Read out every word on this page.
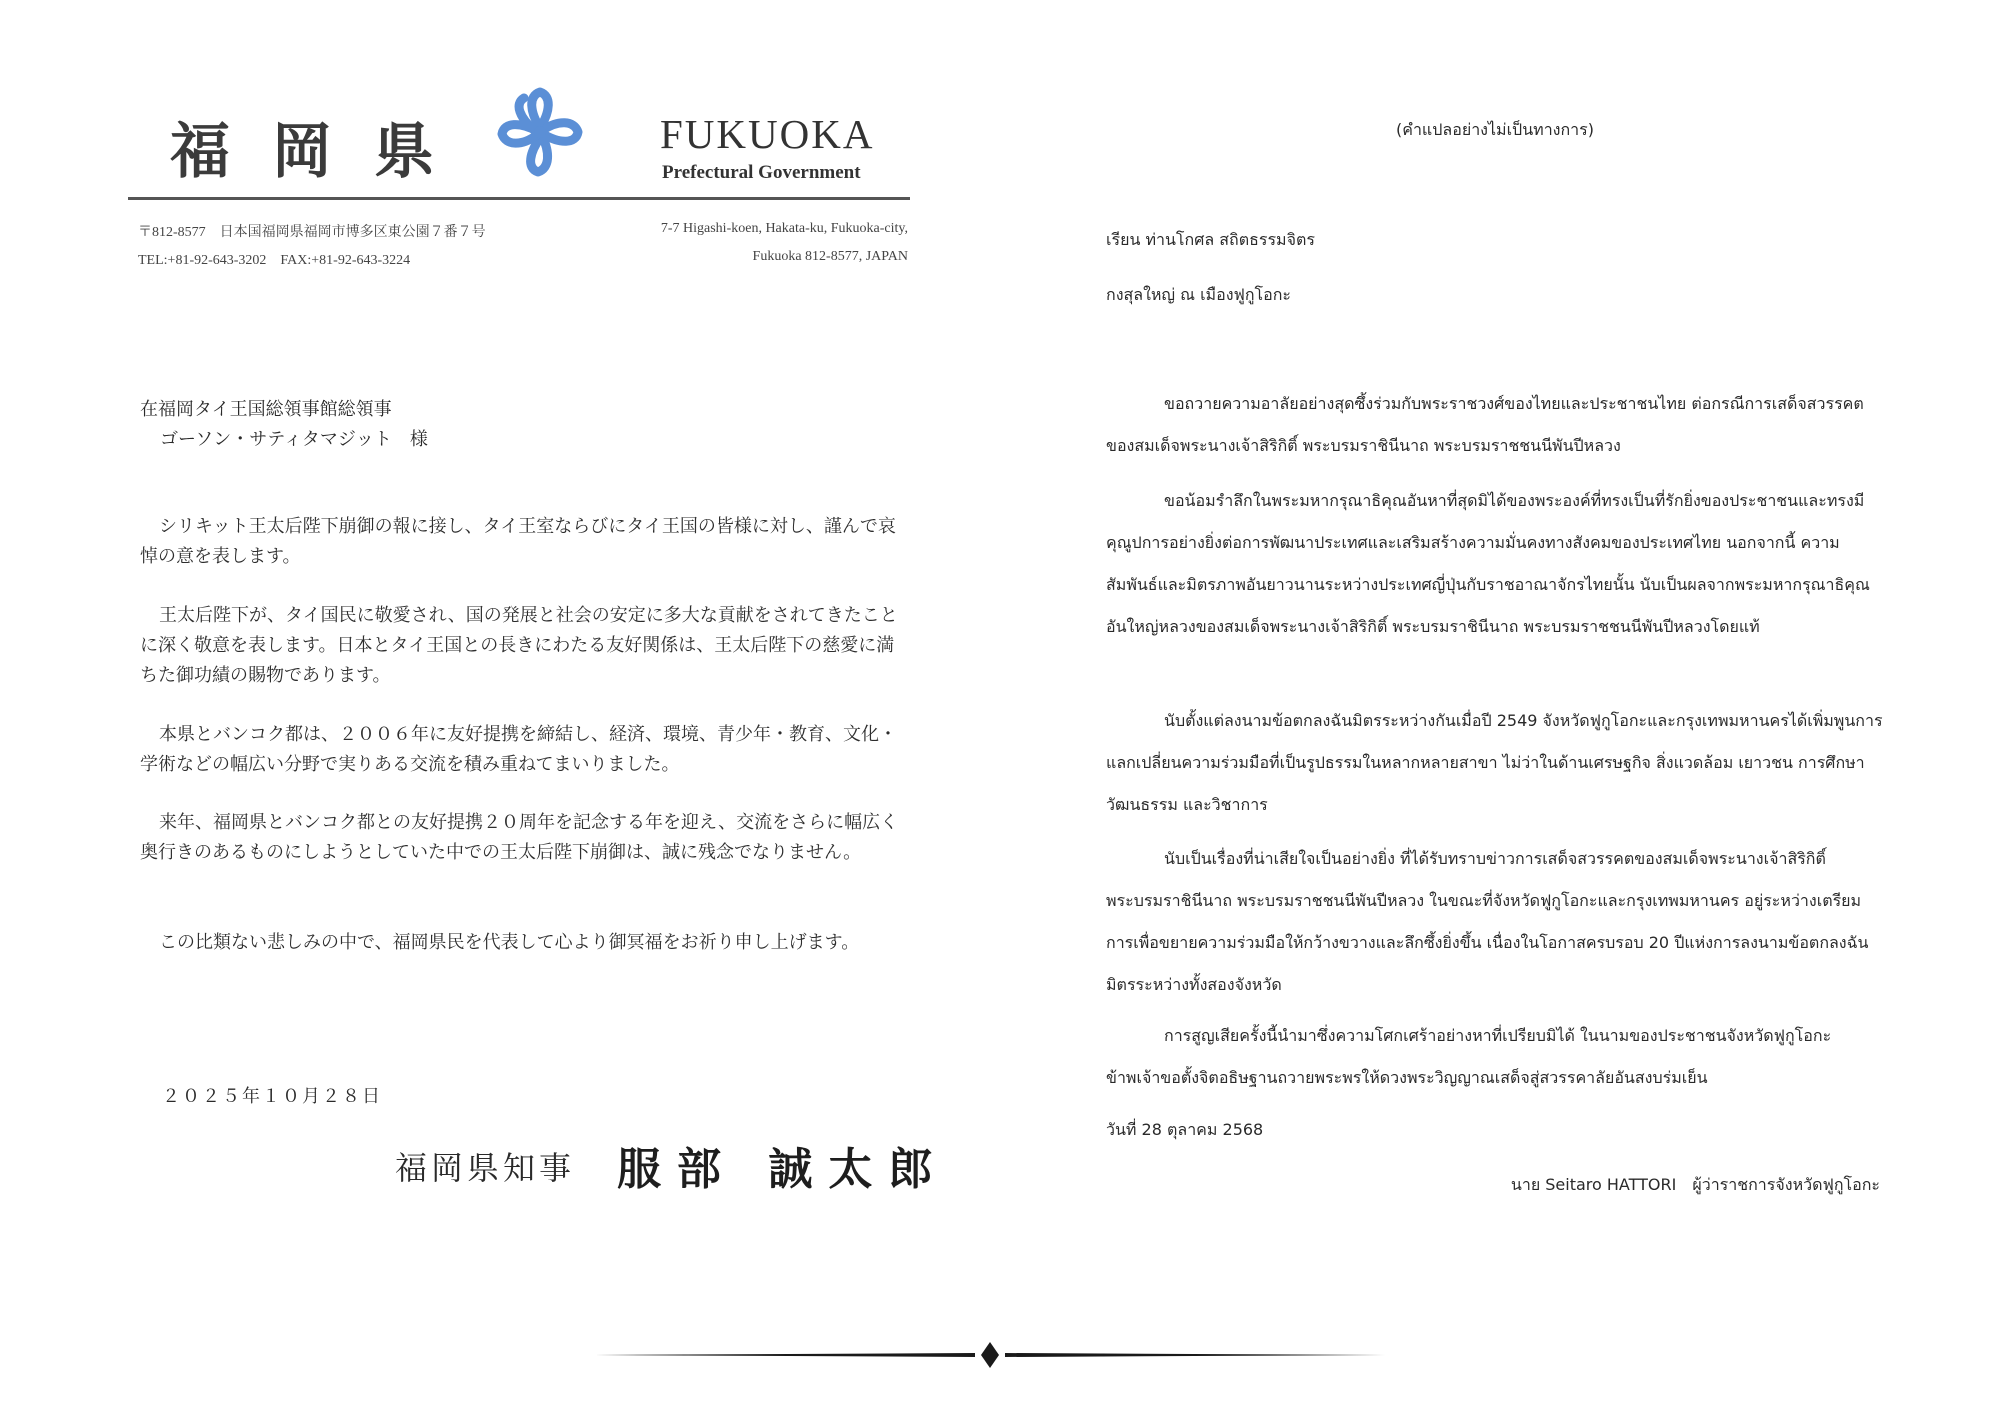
福岡県	FUKUOKA
Prefectural Government
〒812-8577　日本国福岡県福岡市博多区東公園７番７号
TEL:+81-92-643-3202　FAX:+81-92-643-3224
7-7 Higashi-koen, Hakata-ku, Fukuoka-city,
Fukuoka 812-8577, JAPAN
在福岡タイ王国総領事館総領事
ゴーソン・サティタマジット　様
シリキット王太后陛下崩御の報に接し、タイ王室ならびにタイ王国の皆様に対し、謹んで哀悼の意を表します。
王太后陛下が、タイ国民に敬愛され、国の発展と社会の安定に多大な貢献をされてきたことに深く敬意を表します。日本とタイ王国との長きにわたる友好関係は、王太后陛下の慈愛に満ちた御功績の賜物であります。
本県とバンコク都は、２００６年に友好提携を締結し、経済、環境、青少年・教育、文化・学術などの幅広い分野で実りある交流を積み重ねてまいりました。
来年、福岡県とバンコク都との友好提携２０周年を記念する年を迎え、交流をさらに幅広く奥行きのあるものにしようとしていた中での王太后陛下崩御は、誠に残念でなりません。
この比類ない悲しみの中で、福岡県民を代表して心より御冥福をお祈り申し上げます。
２０２５年１０月２８日
福岡県知事 服部 誠太郎
(คำแปลอย่างไม่เป็นทางการ)
เรียน ท่านโกศล สถิตธรรมจิตร
กงสุลใหญ่ ณ เมืองฟูกูโอกะ
ขอถวายความอาลัยอย่างสุดซึ้งร่วมกับพระราชวงศ์ของไทยและประชาชนไทย ต่อกรณีการเสด็จสวรรคตของสมเด็จพระนางเจ้าสิริกิติ์ พระบรมราชินีนาถ พระบรมราชชนนีพันปีหลวง
ขอน้อมรำลึกในพระมหากรุณาธิคุณอันหาที่สุดมิได้ของพระองค์ที่ทรงเป็นที่รักยิ่งของประชาชนและทรงมีคุณูปการอย่างยิ่งต่อการพัฒนาประเทศและเสริมสร้างความมั่นคงทางสังคมของประเทศไทย นอกจากนี้ ความสัมพันธ์และมิตรภาพอันยาวนานระหว่างประเทศญี่ปุ่นกับราชอาณาจักรไทยนั้น นับเป็นผลจากพระมหากรุณาธิคุณอันใหญ่หลวงของสมเด็จพระนางเจ้าสิริกิติ์ พระบรมราชินีนาถ พระบรมราชชนนีพันปีหลวงโดยแท้
นับตั้งแต่ลงนามข้อตกลงฉันมิตรระหว่างกันเมื่อปี 2549 จังหวัดฟูกูโอกะและกรุงเทพมหานครได้เพิ่มพูนการแลกเปลี่ยนความร่วมมือที่เป็นรูปธรรมในหลากหลายสาขา ไม่ว่าในด้านเศรษฐกิจ สิ่งแวดล้อม เยาวชน การศึกษา วัฒนธรรม และวิชาการ
นับเป็นเรื่องที่น่าเสียใจเป็นอย่างยิ่ง ที่ได้รับทราบข่าวการเสด็จสวรรคตของสมเด็จพระนางเจ้าสิริกิติ์ พระบรมราชินีนาถ พระบรมราชชนนีพันปีหลวง ในขณะที่จังหวัดฟูกูโอกะและกรุงเทพมหานคร อยู่ระหว่างเตรียมการเพื่อขยายความร่วมมือให้กว้างขวางและลึกซึ้งยิ่งขึ้น เนื่องในโอกาสครบรอบ 20 ปีแห่งการลงนามข้อตกลงฉันมิตรระหว่างทั้งสองจังหวัด
การสูญเสียครั้งนี้นำมาซึ่งความโศกเศร้าอย่างหาที่เปรียบมิได้ ในนามของประชาชนจังหวัดฟูกูโอกะ ข้าพเจ้าขอตั้งจิตอธิษฐานถวายพระพรให้ดวงพระวิญญาณเสด็จสู่สวรรคาลัยอันสงบร่มเย็น
วันที่ 28 ตุลาคม 2568
นาย Seitaro HATTORI　ผู้ว่าราชการจังหวัดฟูกูโอกะ
